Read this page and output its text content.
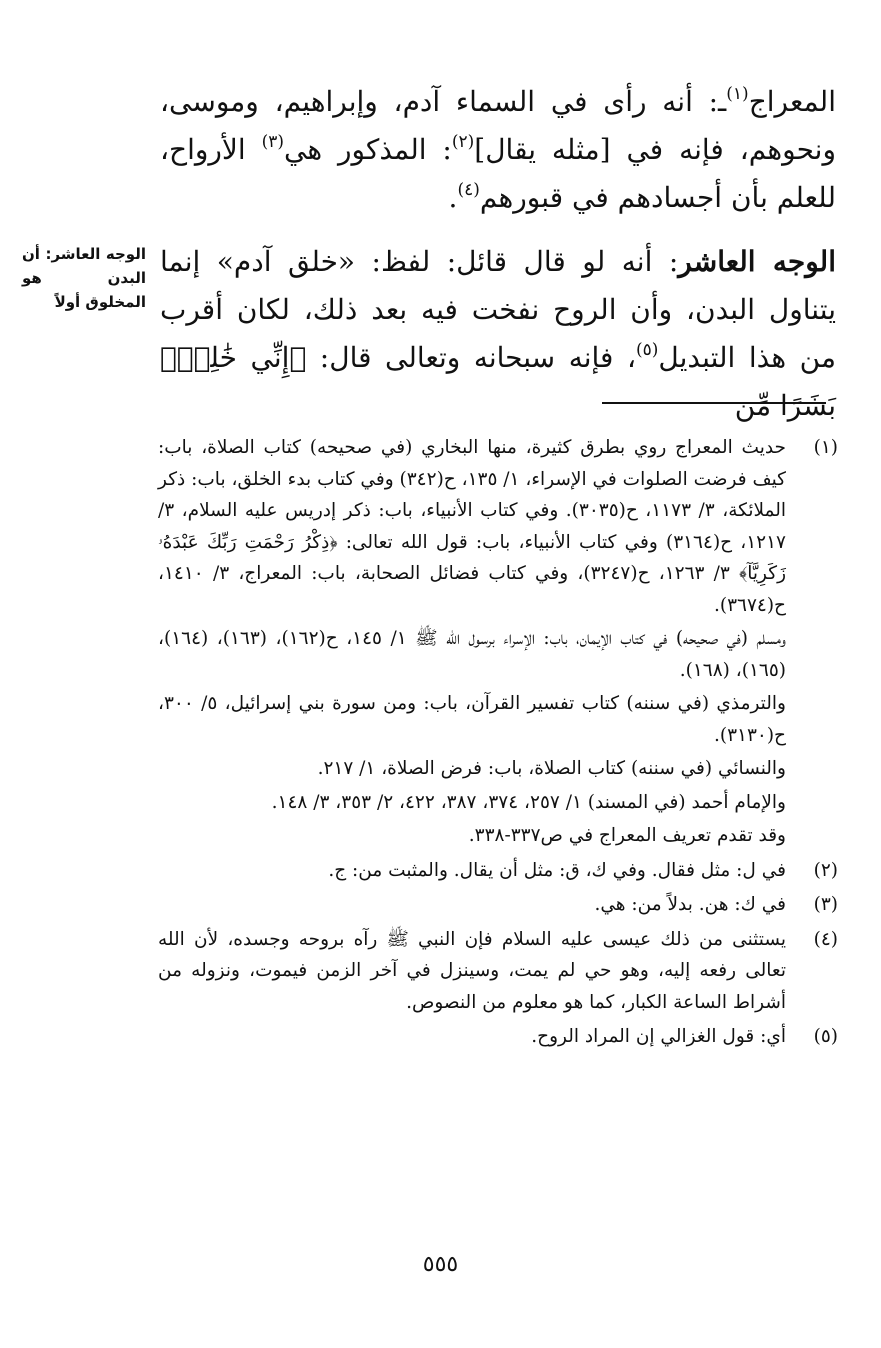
المعراج$^{(١)}$ـ: أنه رأى في السماء آدم، وإبراهيم، وموسى، ونحوهم، فإنه في [مثله يقال]$^{(٢)}$: المذكور هي$^{(٣)}$ الأرواح، للعلم بأن أجسادهم في قبورهم$^{(٤)}$.

الوجه العاشر: أنه لو قال قائل: لفظ: «خلق آدم» إنما يتناول البدن، وأن الروح نفخت فيه بعد ذلك، لكان أقرب من هذا التبديل$^{(٥)}$، فإنه سبحانه وتعالى قال: ﴿إِنِّي خَٰلِقُۢ بَشَرًا مِّن

الوجه العاشر: أن البدن هو المخلوق أولاً
(١)

حديث المعراج روي بطرق كثيرة، منها البخاري (في صحيحه) كتاب الصلاة، باب: كيف فرضت الصلوات في الإسراء، ١/ ١٣٥، ح(٣٤٢) وفي كتاب بدء الخلق، باب: ذكر الملائكة، ٣/ ١١٧٣، ح(٣٠٣٥). وفي كتاب الأنبياء، باب: ذكر إدريس عليه السلام، ٣/ ١٢١٧، ح(٣١٦٤) وفي كتاب الأنبياء، باب: قول الله تعالى: ﴿ذِكْرُ رَحْمَتِ رَبِّكَ عَبْدَهُۥ زَكَرِيَّآ﴾ ٣/ ١٢٦٣، ح(٣٢٤٧)، وفي كتاب فضائل الصحابة، باب: المعراج، ٣/ ١٤١٠، ح(٣٦٧٤).

ومسلم (في صحيحه) في كتاب الإيمان، باب: الإسراء برسول الله ﷺ ١/ ١٤٥، ح(١٦٢)، (١٦٣)، (١٦٤)، (١٦٥)، (١٦٨).

والترمذي (في سننه) كتاب تفسير القرآن، باب: ومن سورة بني إسرائيل، ٥/ ٣٠٠، ح(٣١٣٠).

والنسائي (في سننه) كتاب الصلاة، باب: فرض الصلاة، ١/ ٢١٧.

والإمام أحمد (في المسند) ١/ ٢٥٧، ٣٧٤، ٣٨٧، ٤٢٢، ٢/ ٣٥٣، ٣/ ١٤٨.

وقد تقدم تعريف المعراج في ص٣٣٧-٣٣٨.

(٢)

في ل: مثل فقال. وفي ك، ق: مثل أن يقال. والمثبت من: ج.

(٣)

في ك: هن. بدلاً من: هي.

(٤)

يستثنى من ذلك عيسى عليه السلام فإن النبي ﷺ رآه بروحه وجسده، لأن الله تعالى رفعه إليه، وهو حي لم يمت، وسينزل في آخر الزمن فيموت، ونزوله من أشراط الساعة الكبار، كما هو معلوم من النصوص.

(٥)

أي: قول الغزالي إن المراد الروح.

٥٥٥
